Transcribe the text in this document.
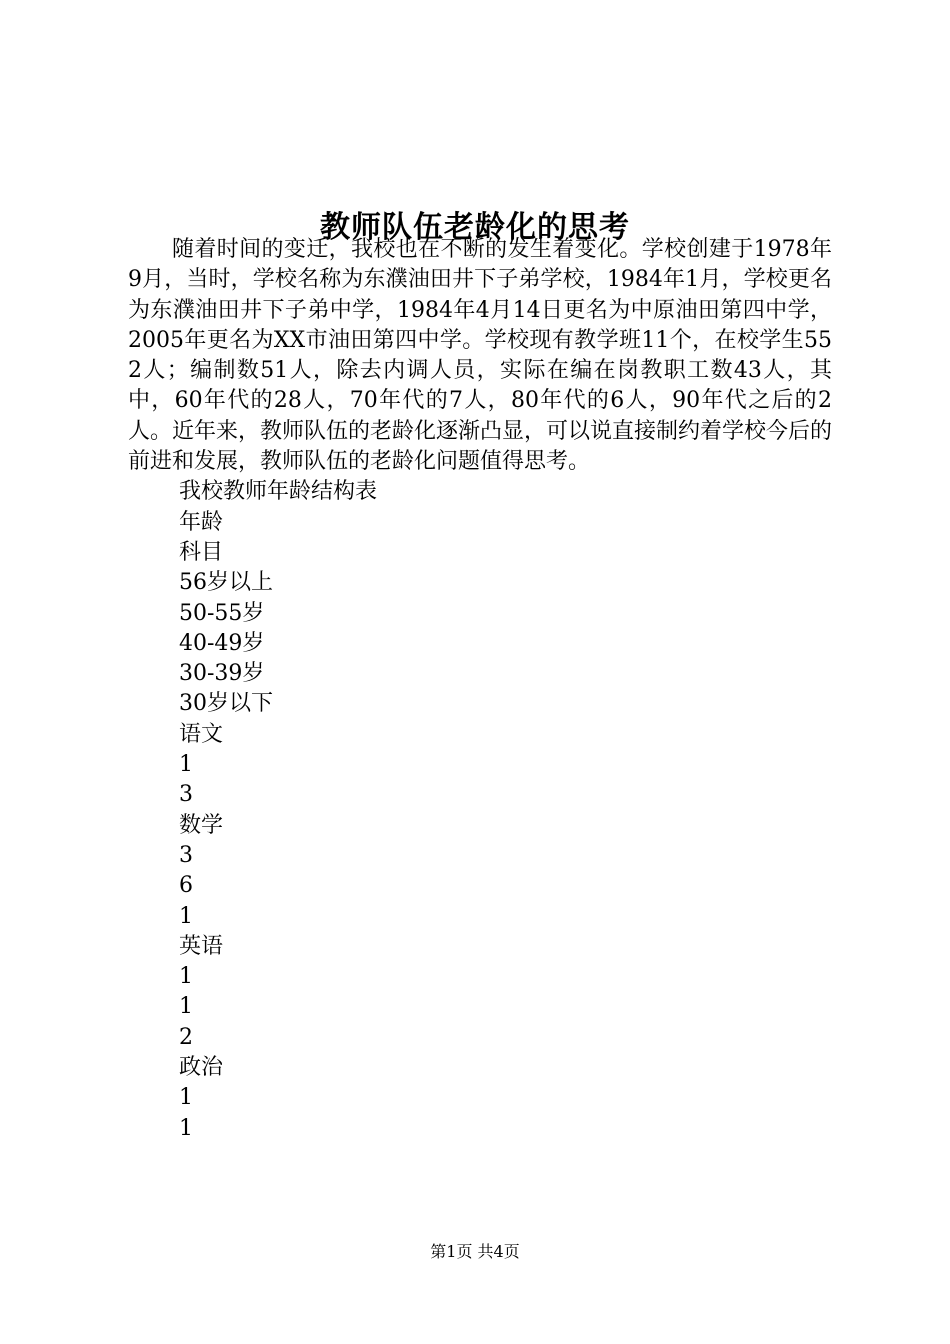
教师队伍老龄化的思考

随着时间的变迁，我校也在不断的发生着变化。学校创建于1978年9月，当时，学校名称为东濮油田井下子弟学校，1984年1月，学校更名为东濮油田井下子弟中学，1984年4月14日更名为中原油田第四中学，2005年更名为XX市油田第四中学。学校现有教学班11个，在校学生552人；编制数51人，除去内调人员，实际在编在岗教职工数43人，其中，60年代的28人，70年代的7人，80年代的6人，90年代之后的2人。近年来，教师队伍的老龄化逐渐凸显，可以说直接制约着学校今后的前进和发展，教师队伍的老龄化问题值得思考。

我校教师年龄结构表

年龄

科目

56岁以上

50-55岁

40-49岁

30-39岁

30岁以下

语文

1

3

数学

3

6

1

英语

1

1

2

政治

1

1

第1页 共4页
